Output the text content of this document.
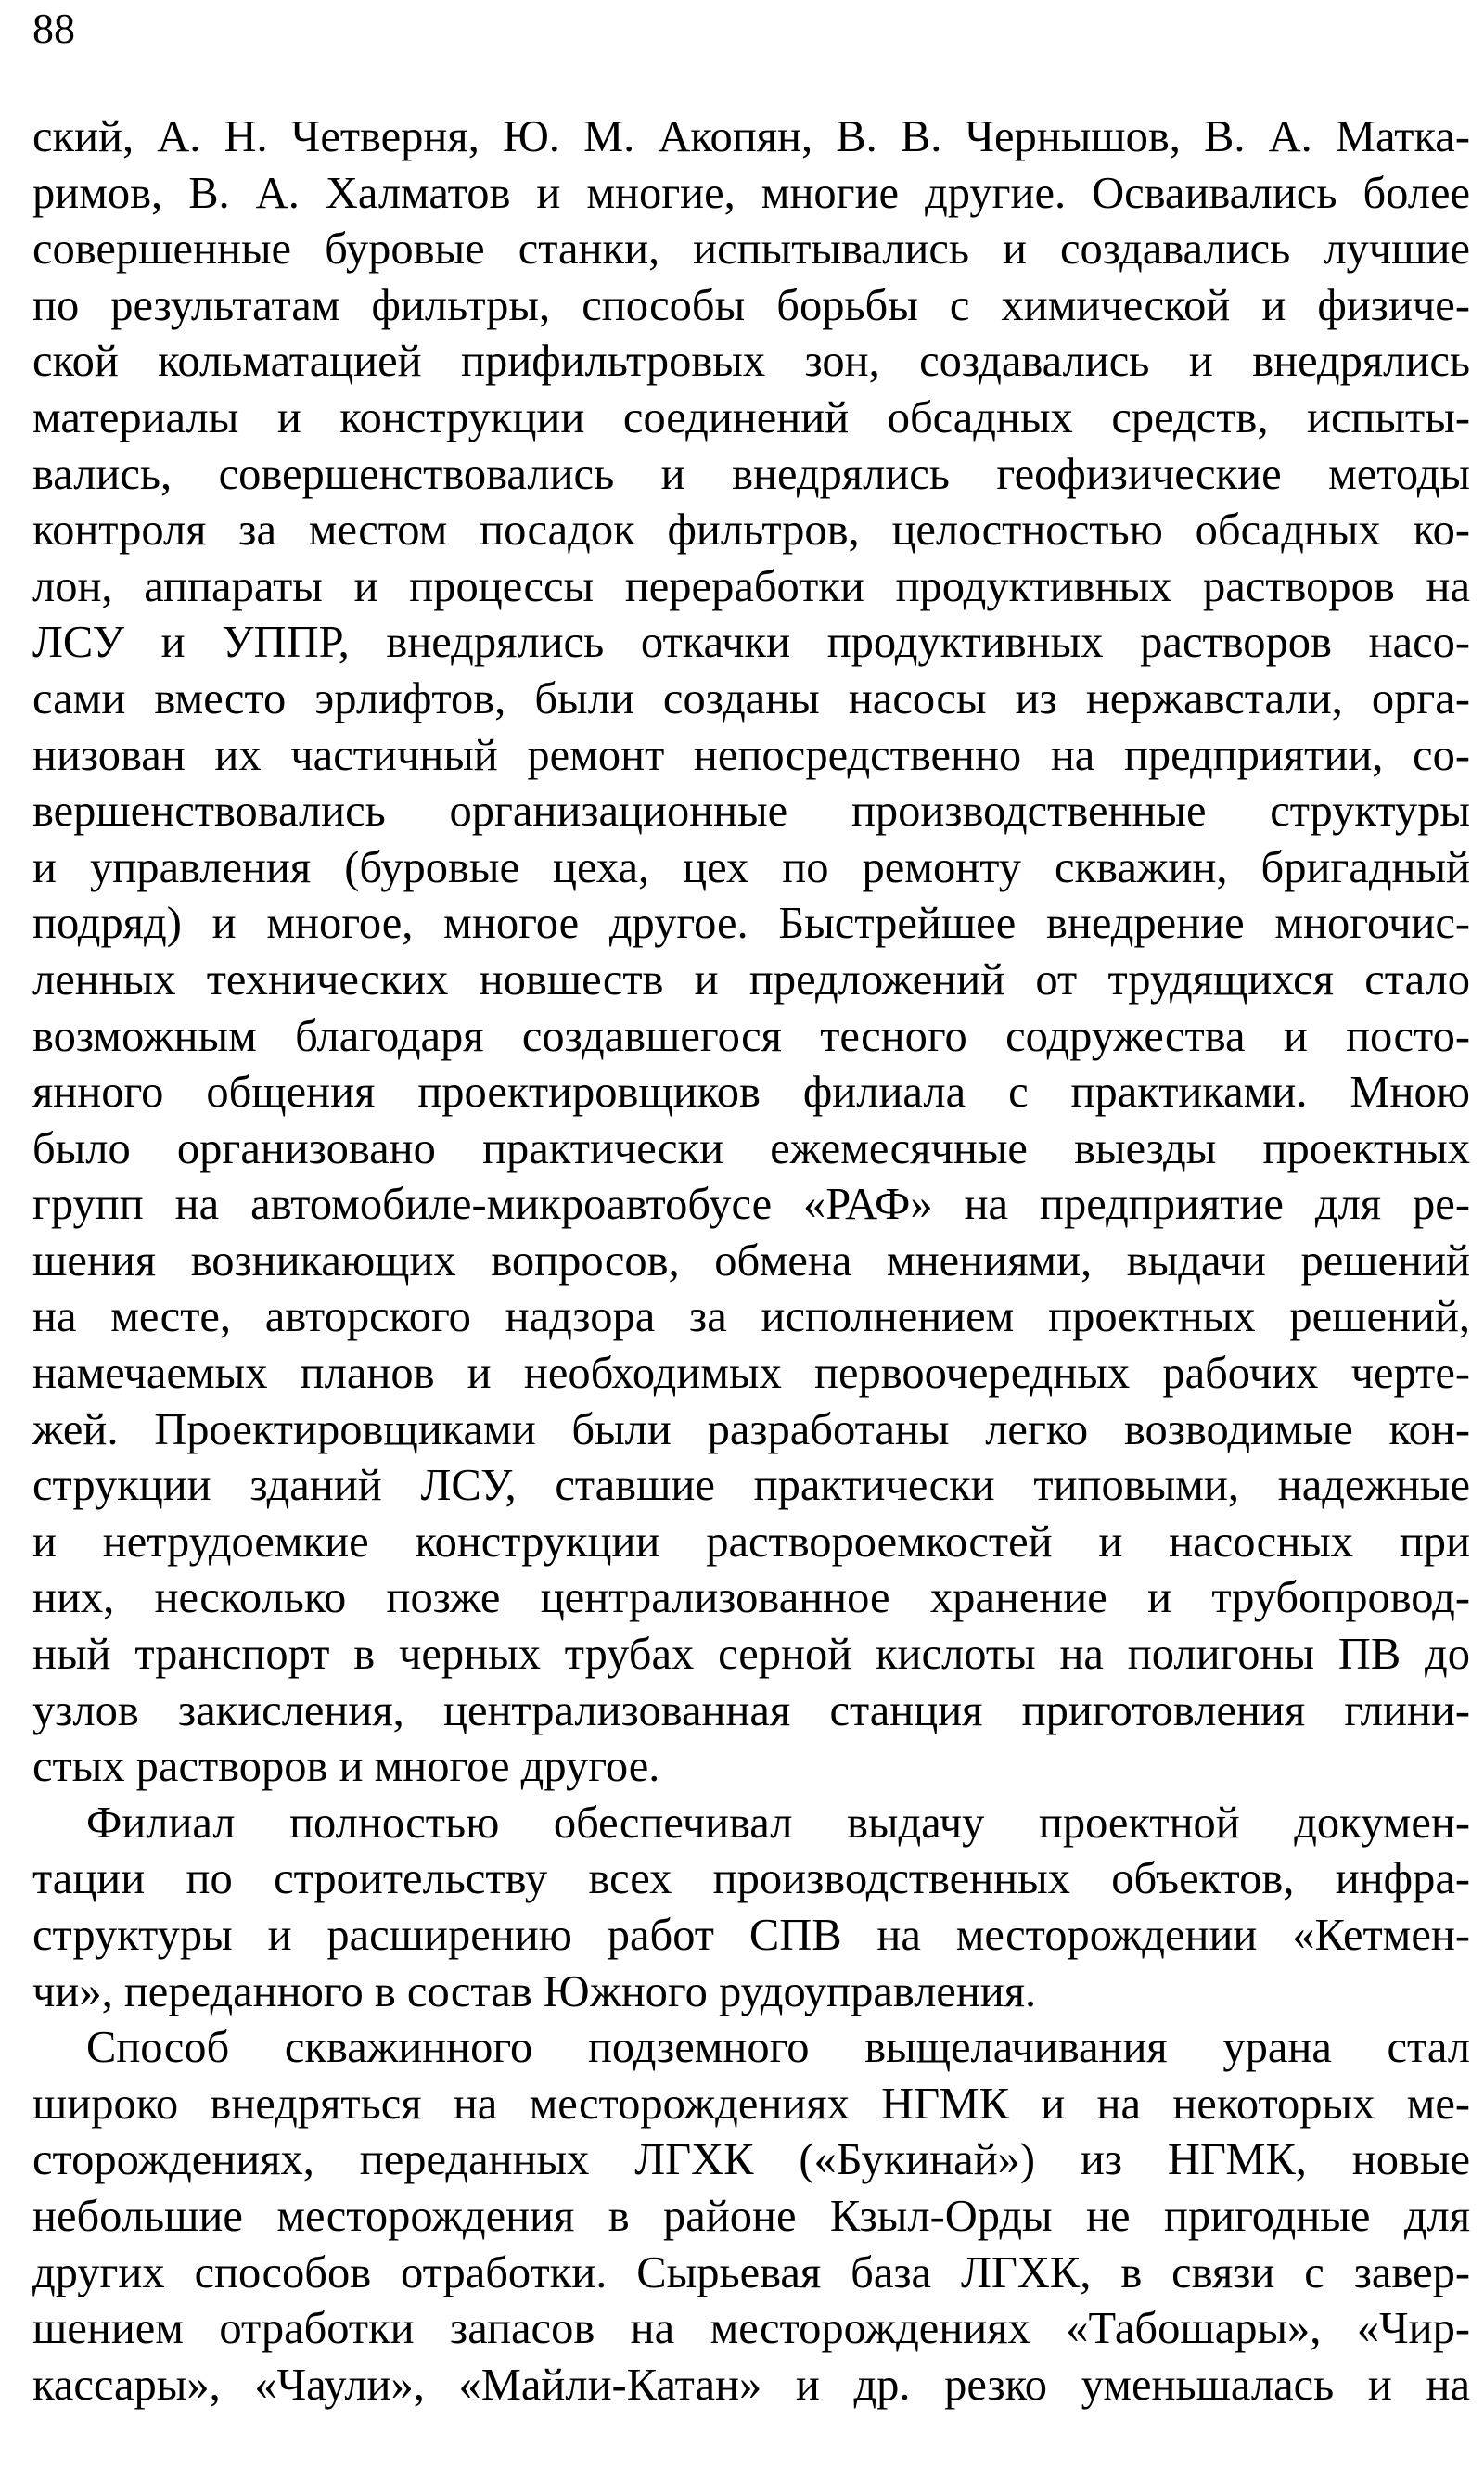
88
ский, А. Н. Четверня, Ю. М. Акопян, В. В. Чернышов, В. А. Матка-
римов, В. А. Халматов и многие, многие другие. Осваивались более
совершенные буровые станки, испытывались и создавались лучшие
по результатам фильтры, способы борьбы с химической и физиче-
ской кольматацией прифильтровых зон, создавались и внедрялись
материалы и конструкции соединений обсадных средств, испыты-
вались, совершенствовались и внедрялись геофизические методы
контроля за местом посадок фильтров, целостностью обсадных ко-
лон, аппараты и процессы переработки продуктивных растворов на
ЛСУ и УППР, внедрялись откачки продуктивных растворов насо-
сами вместо эрлифтов, были созданы насосы из нержавстали, орга-
низован их частичный ремонт непосредственно на предприятии, со-
вершенствовались организационные производственные структуры
и управления (буровые цеха, цех по ремонту скважин, бригадный
подряд) и многое, многое другое. Быстрейшее внедрение многочис-
ленных технических новшеств и предложений от трудящихся стало
возможным благодаря создавшегося тесного содружества и посто-
янного общения проектировщиков филиала с практиками. Мною
было организовано практически ежемесячные выезды проектных
групп на автомобиле-микроавтобусе «РАФ» на предприятие для ре-
шения возникающих вопросов, обмена мнениями, выдачи решений
на месте, авторского надзора за исполнением проектных решений,
намечаемых планов и необходимых первоочередных рабочих черте-
жей. Проектировщиками были разработаны легко возводимые кон-
струкции зданий ЛСУ, ставшие практически типовыми, надежные
и нетрудоемкие конструкции раствороемкостей и насосных при
них, несколько позже централизованное хранение и трубопровод-
ный транспорт в черных трубах серной кислоты на полигоны ПВ до
узлов закисления, централизованная станция приготовления глини-
стых растворов и многое другое.
Филиал полностью обеспечивал выдачу проектной докумен-
тации по строительству всех производственных объектов, инфра-
структуры и расширению работ СПВ на месторождении «Кетмен-
чи», переданного в состав Южного рудоуправления.
Способ скважинного подземного выщелачивания урана стал
широко внедряться на месторождениях НГМК и на некоторых ме-
сторождениях, переданных ЛГХК («Букинай») из НГМК, новые
небольшие месторождения в районе Кзыл-Орды не пригодные для
других способов отработки. Сырьевая база ЛГХК, в связи с завер-
шением отработки запасов на месторождениях «Табошары», «Чир-
кассары», «Чаули», «Майли-Катан» и др. резко уменьшалась и на
